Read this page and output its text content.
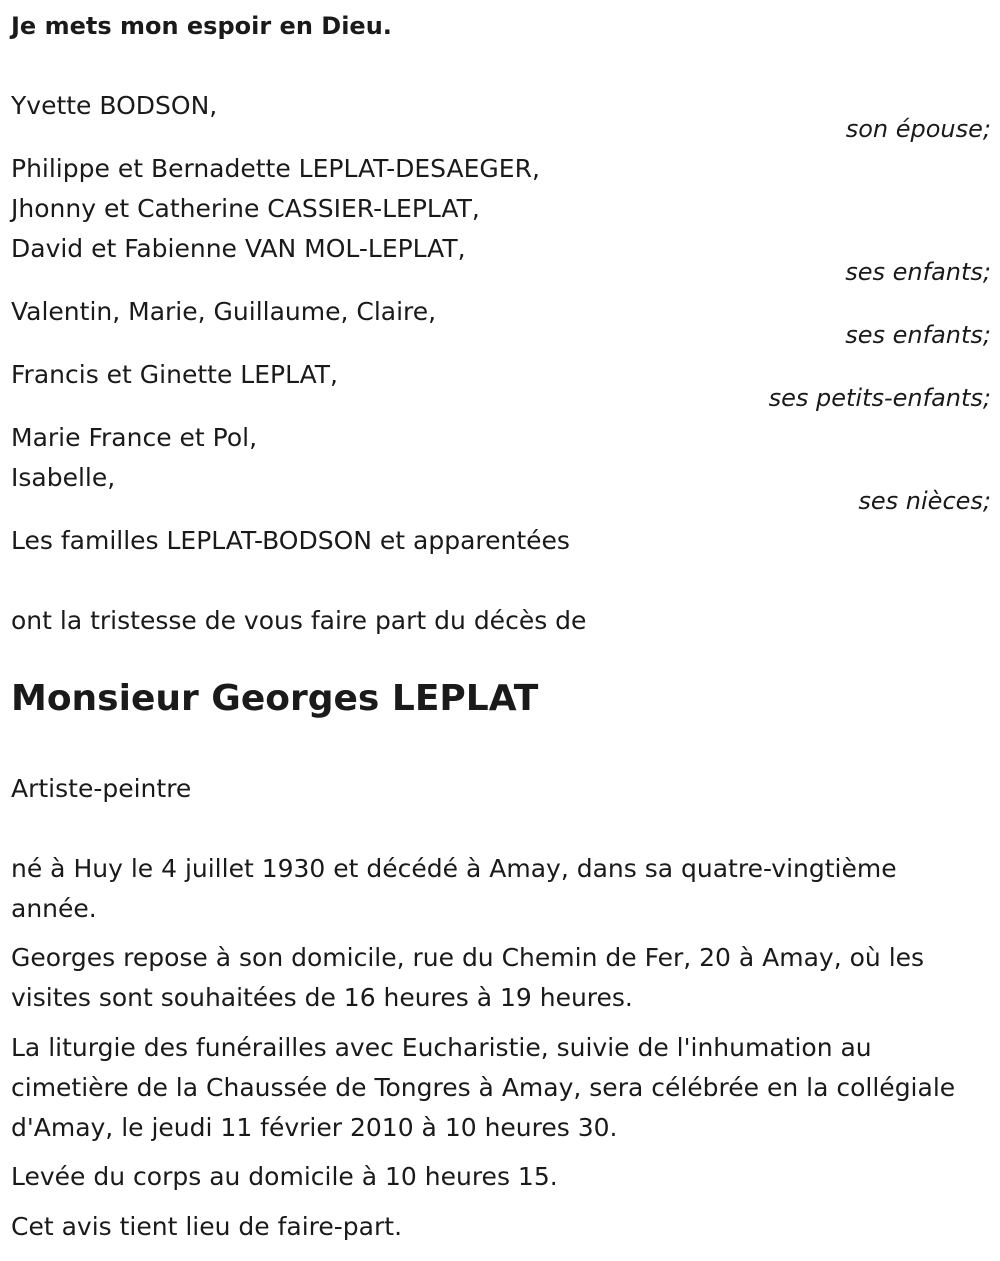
Je mets mon espoir en Dieu.
Yvette BODSON,
son épouse;
Philippe et Bernadette LEPLAT-DESAEGER,
Jhonny et Catherine CASSIER-LEPLAT,
David et Fabienne VAN MOL-LEPLAT,
ses enfants;
Valentin, Marie, Guillaume, Claire,
ses enfants;
Francis et Ginette LEPLAT,
ses petits-enfants;
Marie France et Pol,
Isabelle,
ses nièces;
Les familles LEPLAT-BODSON et apparentées
ont la tristesse de vous faire part du décès de
Monsieur Georges LEPLAT
Artiste-peintre
né à Huy le 4 juillet 1930 et décédé à Amay, dans sa quatre-vingtième année.
Georges repose à son domicile, rue du Chemin de Fer, 20 à Amay, où les visites sont souhaitées de 16 heures à 19 heures.
La liturgie des funérailles avec Eucharistie, suivie de l'inhumation au cimetière de la Chaussée de Tongres à Amay, sera célébrée en la collégiale d'Amay, le jeudi 11 février 2010 à 10 heures 30.
Levée du corps au domicile à 10 heures 15.
Cet avis tient lieu de faire-part.
